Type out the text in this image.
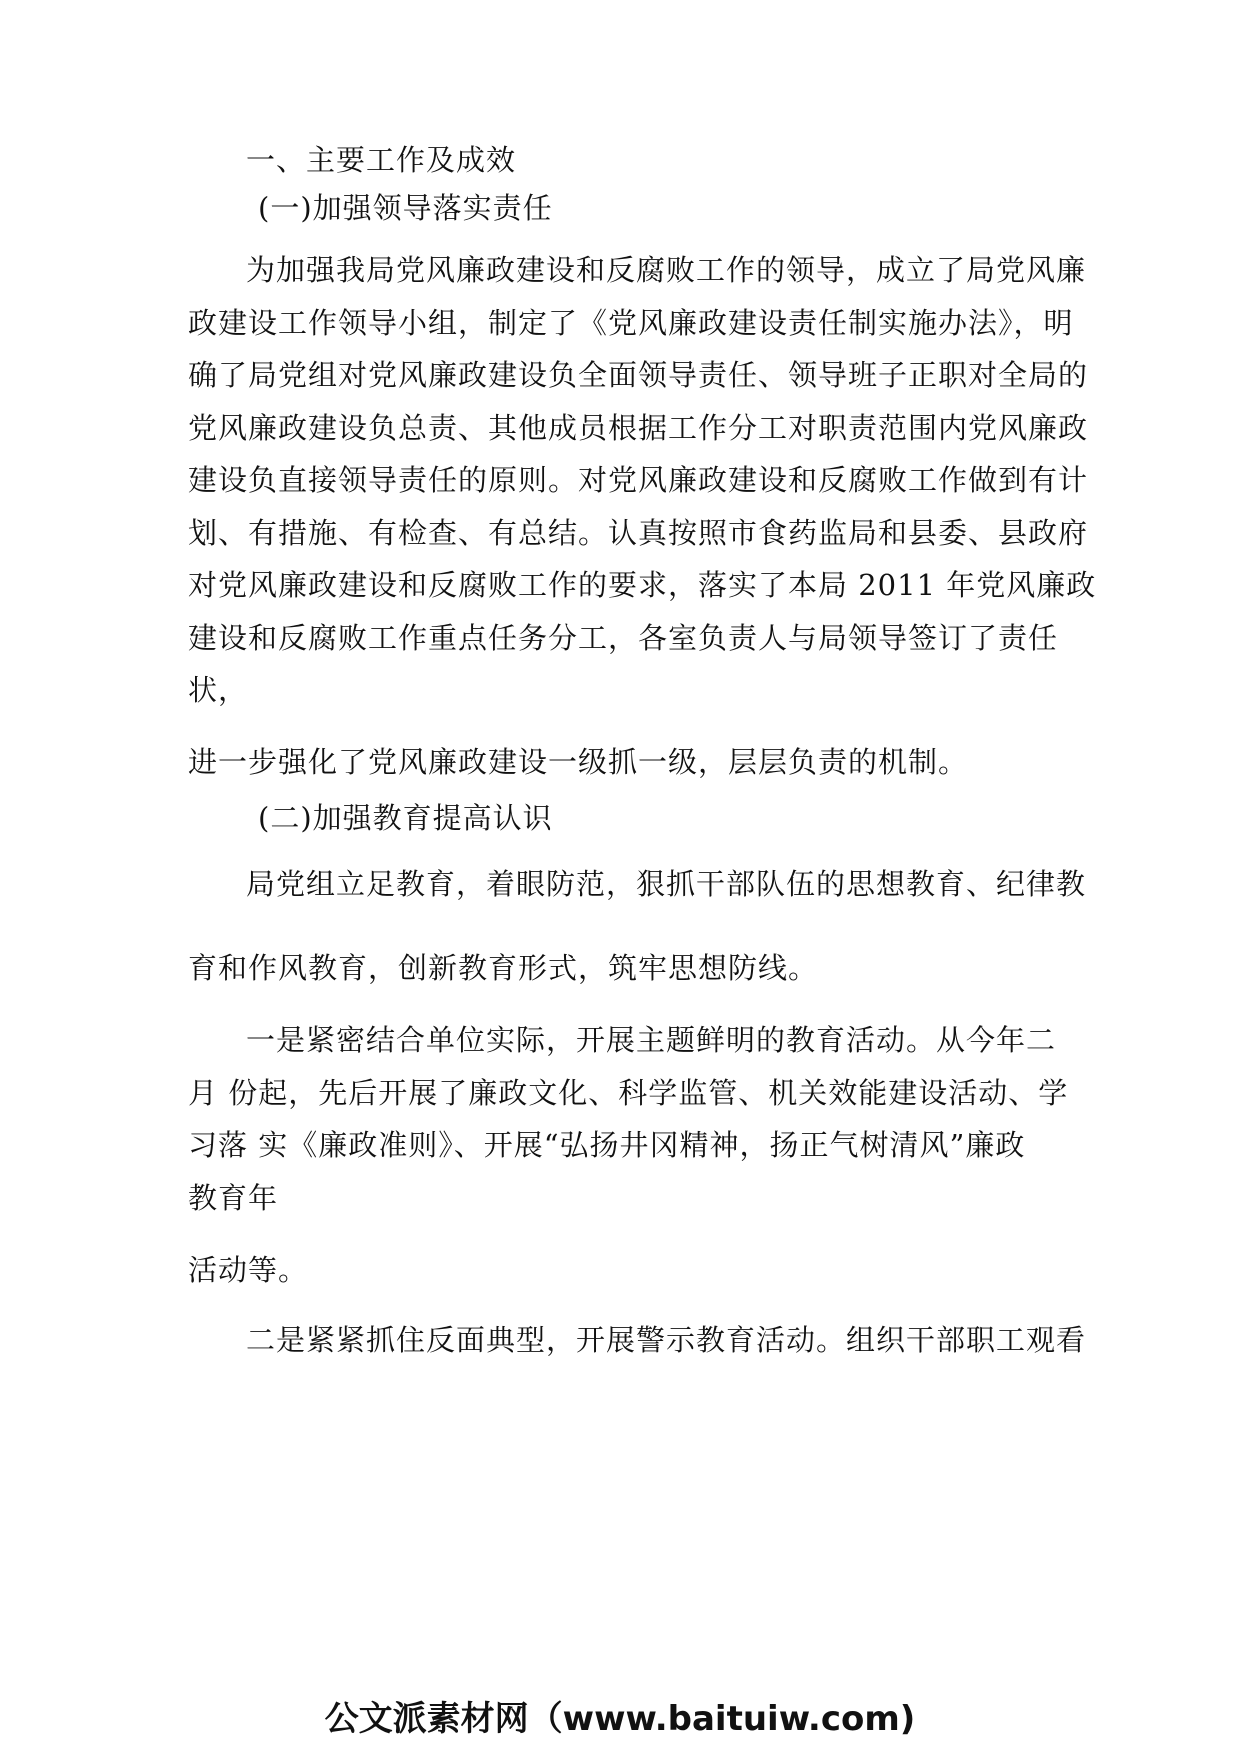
一、主要工作及成效
(一)加强领导落实责任
为加强我局党风廉政建设和反腐败工作的领导，成立了局党风廉
政建设工作领导小组，制定了《党风廉政建设责任制实施办法》，明
确了局党组对党风廉政建设负全面领导责任、领导班子正职对全局的
党风廉政建设负总责、其他成员根据工作分工对职责范围内党风廉政
建设负直接领导责任的原则。对党风廉政建设和反腐败工作做到有计
划、有措施、有检查、有总结。认真按照市食药监局和县委、县政府
对党风廉政建设和反腐败工作的要求，落实了本局 2011 年党风廉政
建设和反腐败工作重点任务分工，各室负责人与局领导签订了责任
状，
进一步强化了党风廉政建设一级抓一级，层层负责的机制。
(二)加强教育提高认识
局党组立足教育，着眼防范，狠抓干部队伍的思想教育、纪律教
育和作风教育，创新教育形式，筑牢思想防线。
一是紧密结合单位实际，开展主题鲜明的教育活动。从今年二
月 份起，先后开展了廉政文化、科学监管、机关效能建设活动、学
习落 实《廉政准则》、开展“弘扬井冈精神，扬正气树清风”廉政
教育年
活动等。
二是紧紧抓住反面典型，开展警示教育活动。组织干部职工观看
公文派素材网（www.baituiw.com)
